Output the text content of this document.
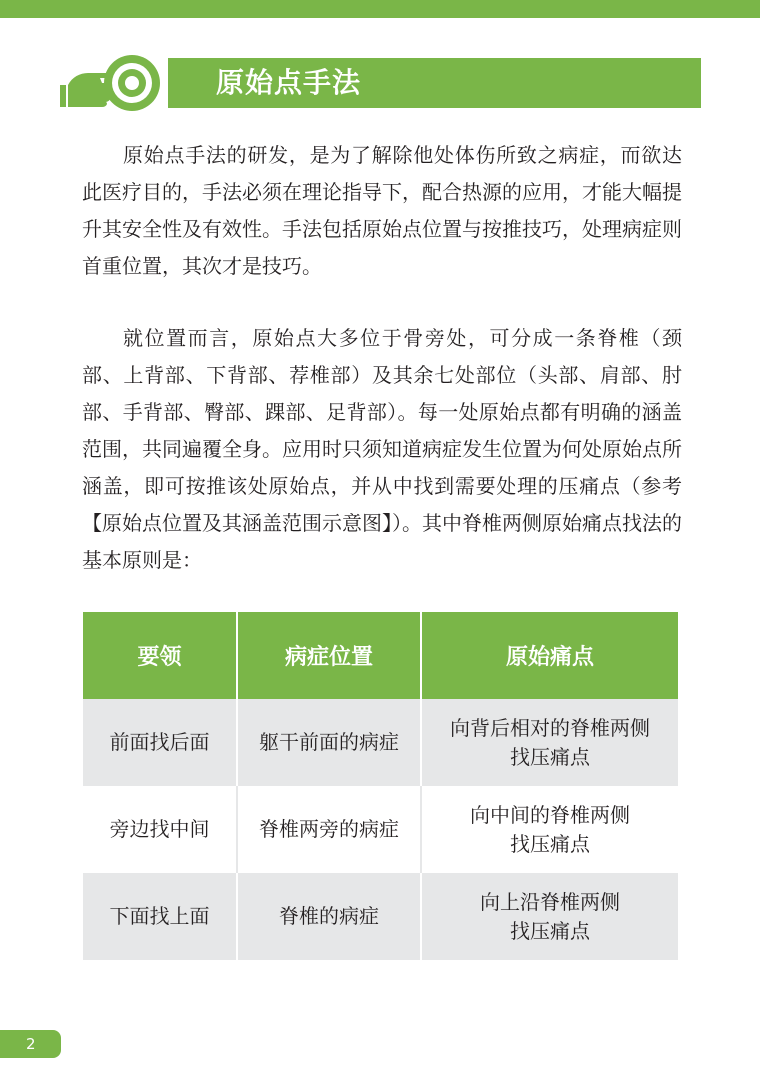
原始点手法

原始点手法的研发，是为了解除他处体伤所致之病症，而欲达此医疗目的，手法必须在理论指导下，配合热源的应用，才能大幅提升其安全性及有效性。手法包括原始点位置与按推技巧，处理病症则首重位置，其次才是技巧。

就位置而言，原始点大多位于骨旁处，可分成一条脊椎（颈部、上背部、下背部、荐椎部）及其余七处部位（头部、肩部、肘部、手背部、臀部、踝部、足背部）。每一处原始点都有明确的涵盖范围，共同遍覆全身。应用时只须知道病症发生位置为何处原始点所涵盖，即可按推该处原始点，并从中找到需要处理的压痛点（参考【原始点位置及其涵盖范围示意图】）。其中脊椎两侧原始痛点找法的基本原则是：

要领	病症位置	原始痛点
前面找后面	躯干前面的病症	向背后相对的脊椎两侧
找压痛点
旁边找中间	脊椎两旁的病症	向中间的脊椎两侧
找压痛点
下面找上面	脊椎的病症	向上沿脊椎两侧
找压痛点
2
